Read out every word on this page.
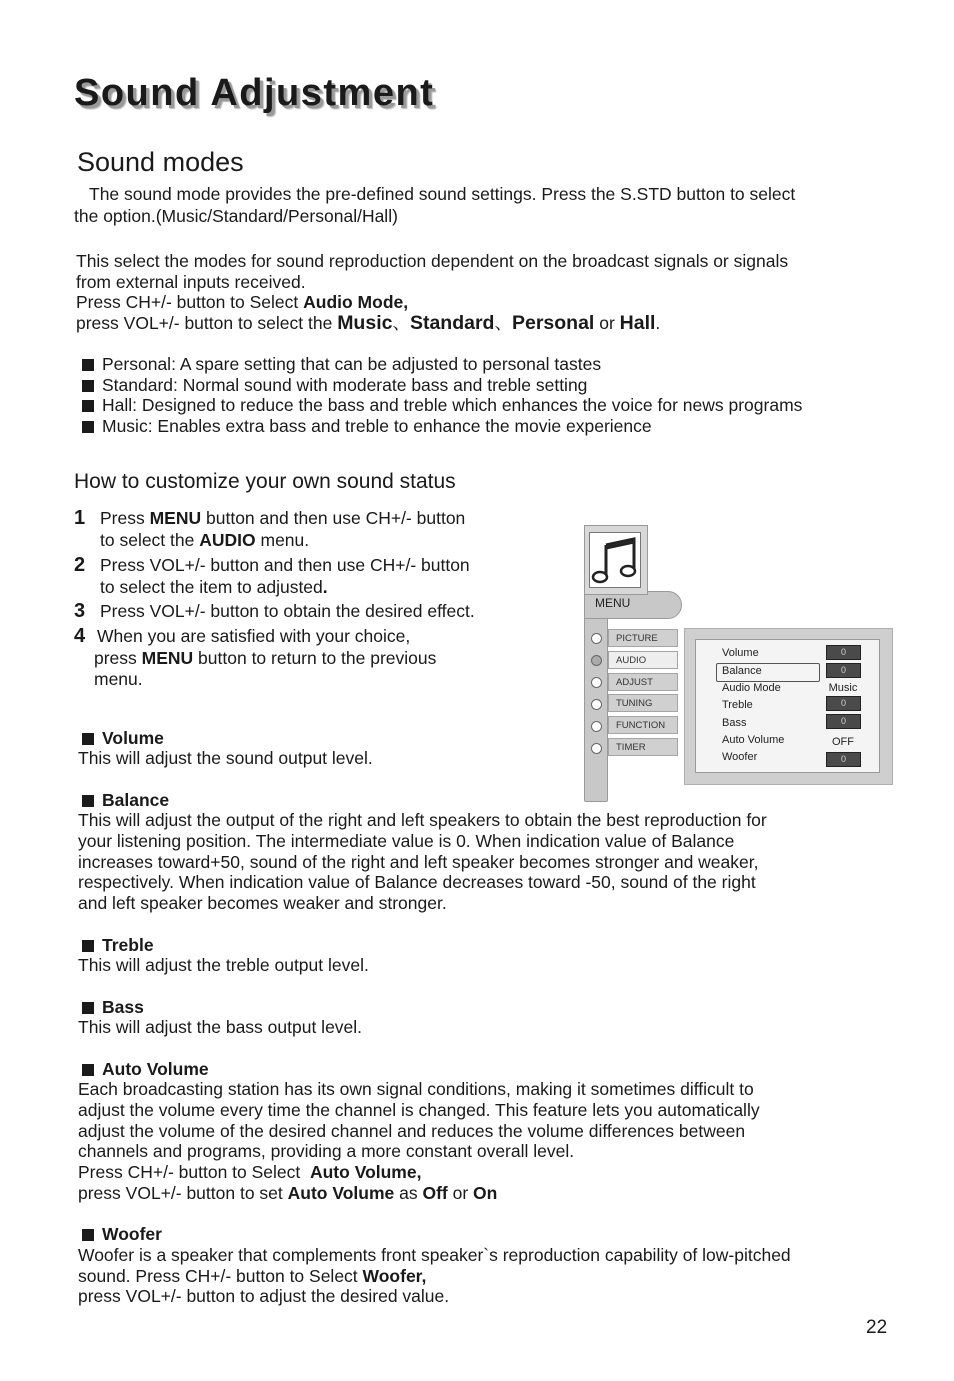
Sound Adjustment
Sound modes
The sound mode provides the pre-defined sound settings. Press the S.STD button to select
the option.(Music/Standard/Personal/Hall)
This select the modes for sound reproduction dependent on the broadcast signals or signals
from external inputs received.
Press CH+/- button to Select Audio Mode,
press VOL+/- button to select the Music、Standard、Personal or Hall.
Personal: A spare setting that can be adjusted to personal tastes
Standard: Normal sound with moderate bass and treble setting
Hall: Designed to reduce the bass and treble which enhances the voice for news programs
Music: Enables extra bass and treble to enhance the movie experience
How to customize your own sound status
1 Press MENU button and then use CH+/- button
to select the AUDIO menu.
2 Press VOL+/- button and then use CH+/- button
to select the item to adjusted.
3 Press VOL+/- button to obtain the desired effect.
4 When you are satisfied with your choice,
press MENU button to return to the previous
menu.
MENU
PICTURE
AUDIO
ADJUST
TUNING
FUNCTION
TIMER
Volume
Balance
Audio Mode
Treble
Bass
Auto Volume
Woofer
0
0
Music
0
0
OFF
0
Volume
This will adjust the sound output level.
Balance
This will adjust the output of the right and left speakers to obtain the best reproduction for
your listening position. The intermediate value is 0. When indication value of Balance
increases toward+50, sound of the right and left speaker becomes stronger and weaker,
respectively. When indication value of Balance decreases toward -50, sound of the right
and left speaker becomes weaker and stronger.
Treble
This will adjust the treble output level.
Bass
This will adjust the bass output level.
Auto Volume
Each broadcasting station has its own signal conditions, making it sometimes difficult to
adjust the volume every time the channel is changed. This feature lets you automatically
adjust the volume of the desired channel and reduces the volume differences between
channels and programs, providing a more constant overall level.
Press CH+/- button to Select  Auto Volume,
press VOL+/- button to set Auto Volume as Off or On
Woofer
Woofer is a speaker that complements front speaker`s reproduction capability of low-pitched
sound. Press CH+/- button to Select Woofer,
press VOL+/- button to adjust the desired value.
22
